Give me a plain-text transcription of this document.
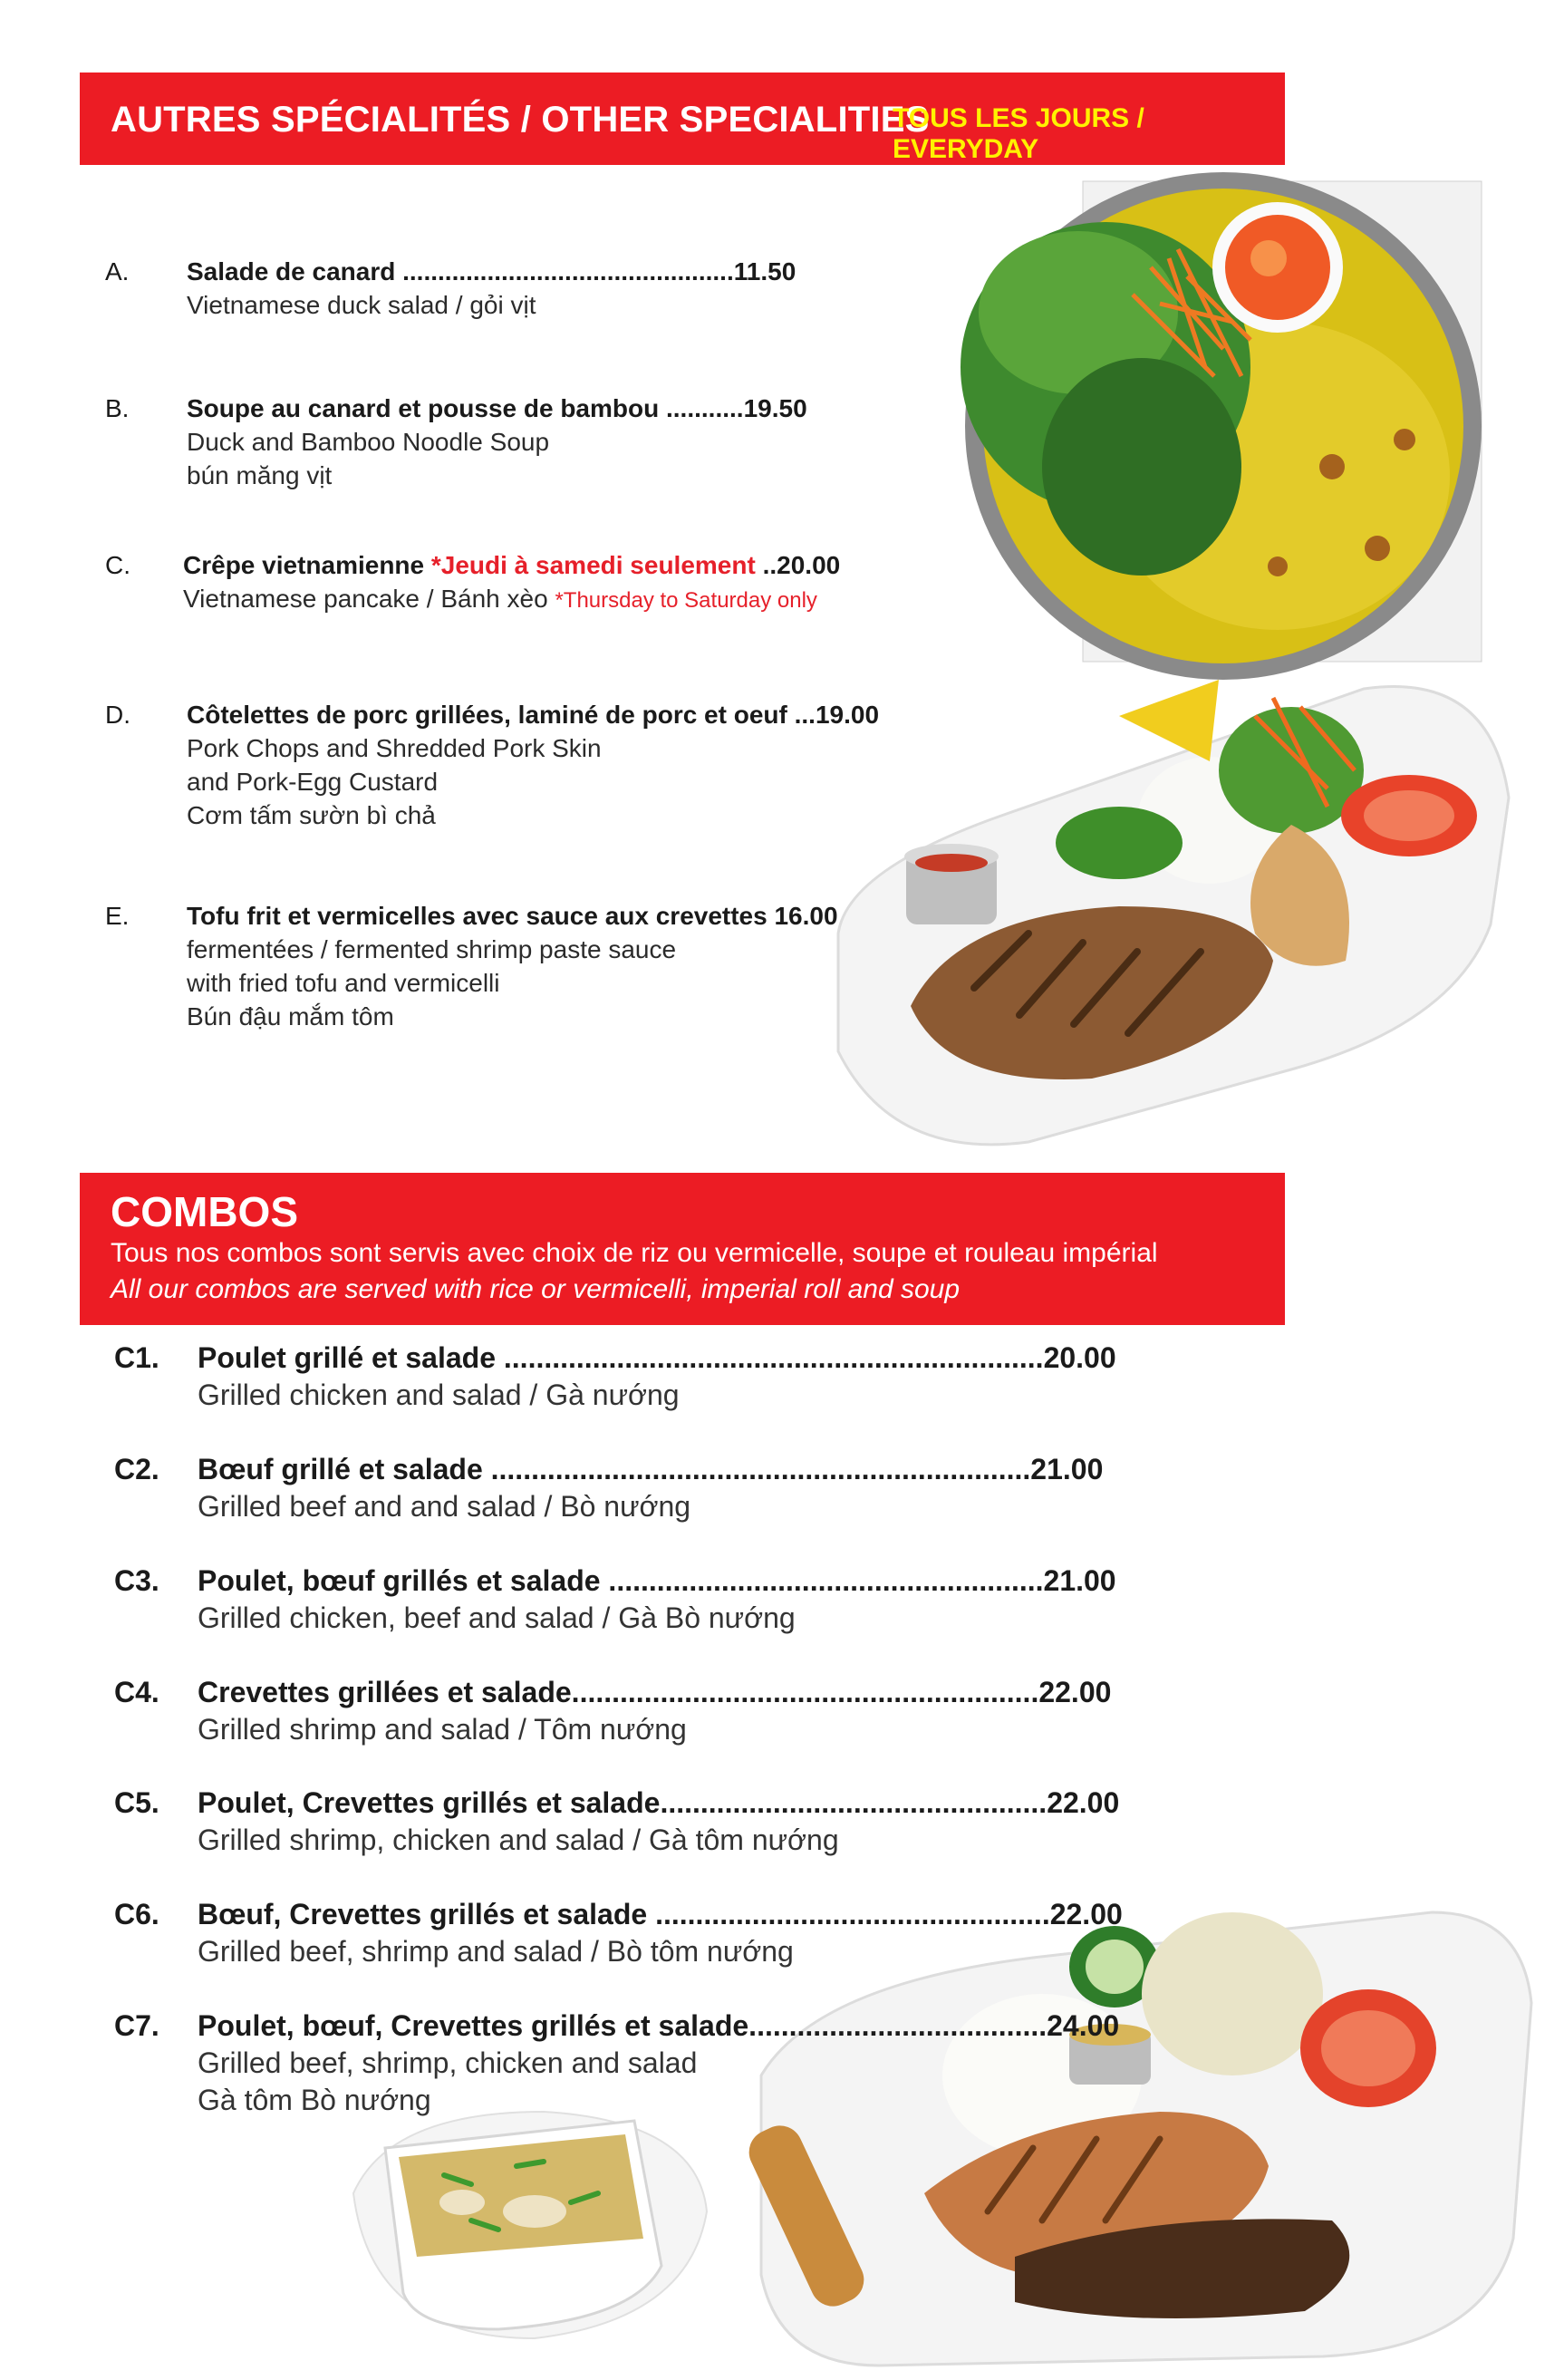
AUTRES SPÉCIALITÉS / OTHER SPECIALITIES
TOUS LES JOURS / EVERYDAY
A.	Salade de canard ...............................................11.50
Vietnamese duck salad / gỏi vịt
B.	Soupe au canard et pousse de bambou ...........19.50
Duck and Bamboo Noodle Soup
bún măng vịt
C.	Crêpe vietnamienne *Jeudi à samedi seulement ..20.00
Vietnamese pancake / Bánh xèo *Thursday to Saturday only
D.	Côtelettes de porc grillées, laminé de porc et oeuf ...19.00
Pork Chops and Shredded Pork Skin
and Pork-Egg Custard
Cơm tấm sườn bì chả
E.	Tofu frit et vermicelles avec sauce aux crevettes 16.00
fermentées / fermented shrimp paste sauce
with fried tofu and vermicelli
Bún đậu mắm tôm
COMBOS
Tous nos combos sont servis avec choix de riz ou vermicelle, soupe et rouleau impérial
All our combos are served with rice or vermicelli, imperial roll and soup
C1.	Poulet grillé et salade ...................................................................20.00
Grilled chicken and salad / Gà nướng
C2.	Bœuf grillé et salade ...................................................................21.00
Grilled beef and and salad / Bò nướng
C3.	Poulet, bœuf grillés et salade ......................................................21.00
Grilled chicken, beef and salad / Gà Bò nướng
C4.	Crevettes grillées et salade..........................................................22.00
Grilled shrimp and salad / Tôm nướng
C5.	Poulet, Crevettes grillés et salade................................................22.00
Grilled shrimp, chicken and salad / Gà tôm nướng
C6.	Bœuf, Crevettes grillés et salade .................................................22.00
Grilled beef, shrimp and salad / Bò tôm nướng
C7.	Poulet, bœuf, Crevettes grillés et salade.....................................24.00
Grilled beef, shrimp, chicken and salad
Gà tôm Bò nướng
